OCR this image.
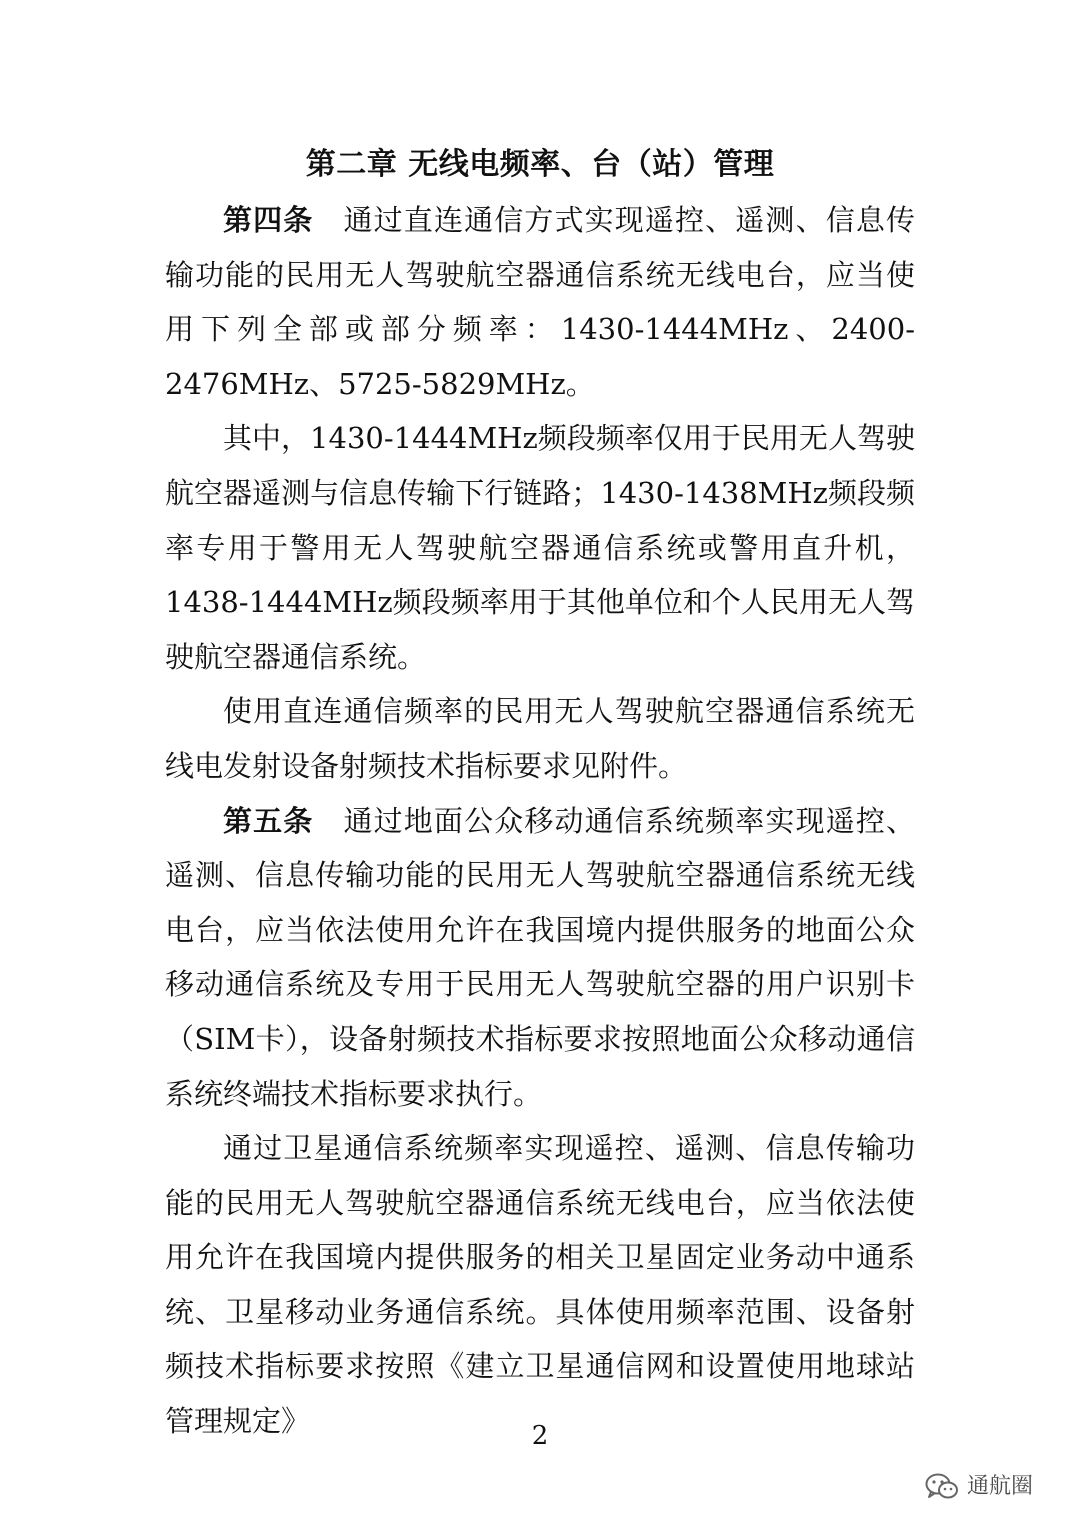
第二章 无线电频率、台（站）管理

第四条  通过直连通信方式实现遥控、遥测、信息传输功能的民用无人驾驶航空器通信系统无线电台，应当使用下列全部或部分频率：1430-1444MHz、2400-2476MHz、5725-5829MHz。

其中，1430-1444MHz频段频率仅用于民用无人驾驶航空器遥测与信息传输下行链路；1430-1438MHz频段频率专用于警用无人驾驶航空器通信系统或警用直升机，1438-1444MHz频段频率用于其他单位和个人民用无人驾驶航空器通信系统。

使用直连通信频率的民用无人驾驶航空器通信系统无线电发射设备射频技术指标要求见附件。

第五条  通过地面公众移动通信系统频率实现遥控、遥测、信息传输功能的民用无人驾驶航空器通信系统无线电台，应当依法使用允许在我国境内提供服务的地面公众移动通信系统及专用于民用无人驾驶航空器的用户识别卡（SIM卡），设备射频技术指标要求按照地面公众移动通信系统终端技术指标要求执行。

通过卫星通信系统频率实现遥控、遥测、信息传输功能的民用无人驾驶航空器通信系统无线电台，应当依法使用允许在我国境内提供服务的相关卫星固定业务动中通系统、卫星移动业务通信系统。具体使用频率范围、设备射频技术指标要求按照《建立卫星通信网和设置使用地球站管理规定》	2
通航圈
